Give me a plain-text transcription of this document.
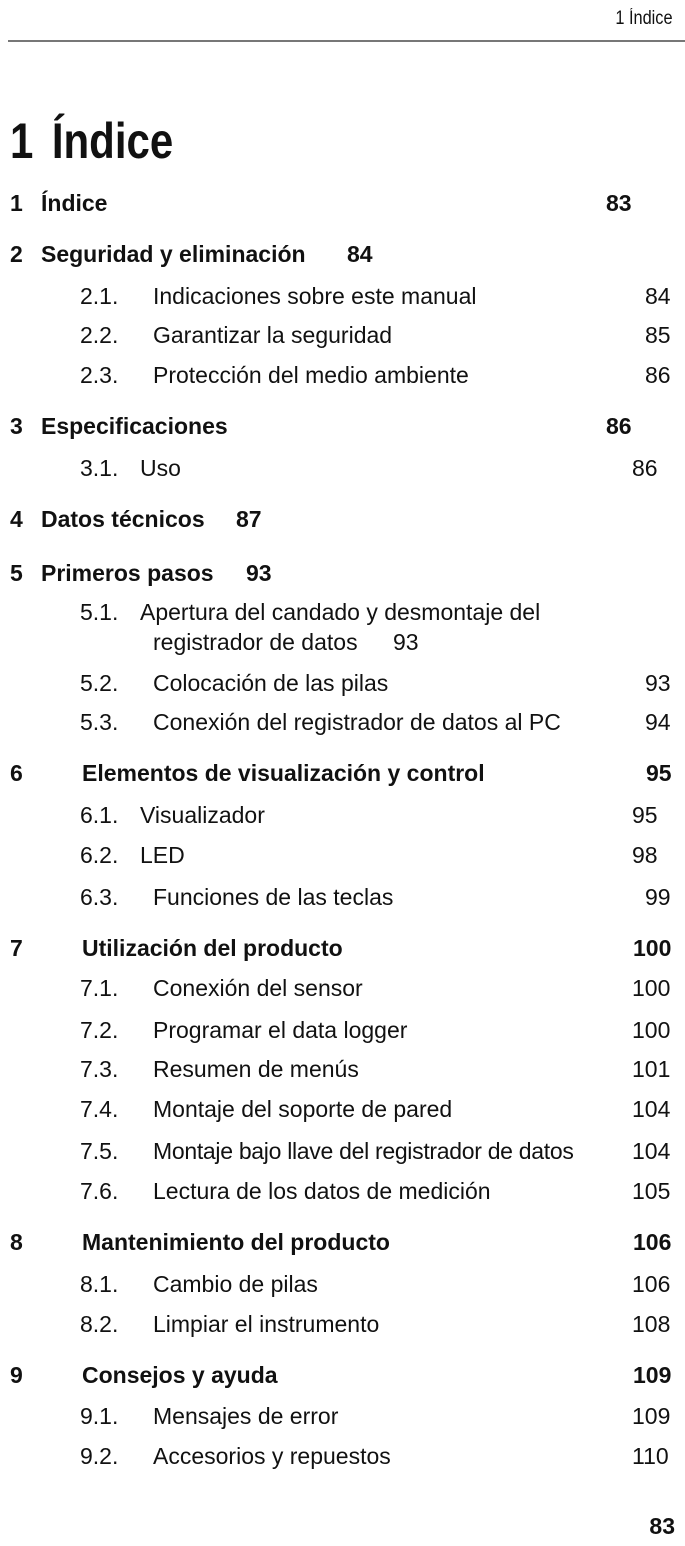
1 Índice
1 Índice
1 Índice	83
2 Seguridad y eliminación 84
2.1. Indicaciones sobre este manual	84
2.2. Garantizar la seguridad	85
2.3. Protección del medio ambiente	86
3 Especificaciones	86
3.1. Uso	86
4 Datos técnicos 87
5 Primeros pasos 93
5.1. Apertura del candado y desmontaje del
registrador de datos 93
5.2. Colocación de las pilas	93
5.3. Conexión del registrador de datos al PC	94
6	Elementos de visualización y control	95
6.1. Visualizador	95
6.2. LED	98
6.3. Funciones de las teclas	99
7	Utilización del producto	100
7.1. Conexión del sensor	100
7.2. Programar el data logger	100
7.3. Resumen de menús	101
7.4. Montaje del soporte de pared	104
7.5. Montaje bajo llave del registrador de datos	104
7.6. Lectura de los datos de medición	105
8	Mantenimiento del producto	106
8.1. Cambio de pilas	106
8.2. Limpiar el instrumento	108
9	Consejos y ayuda	109
9.1. Mensajes de error	109
9.2. Accesorios y repuestos	110
83
